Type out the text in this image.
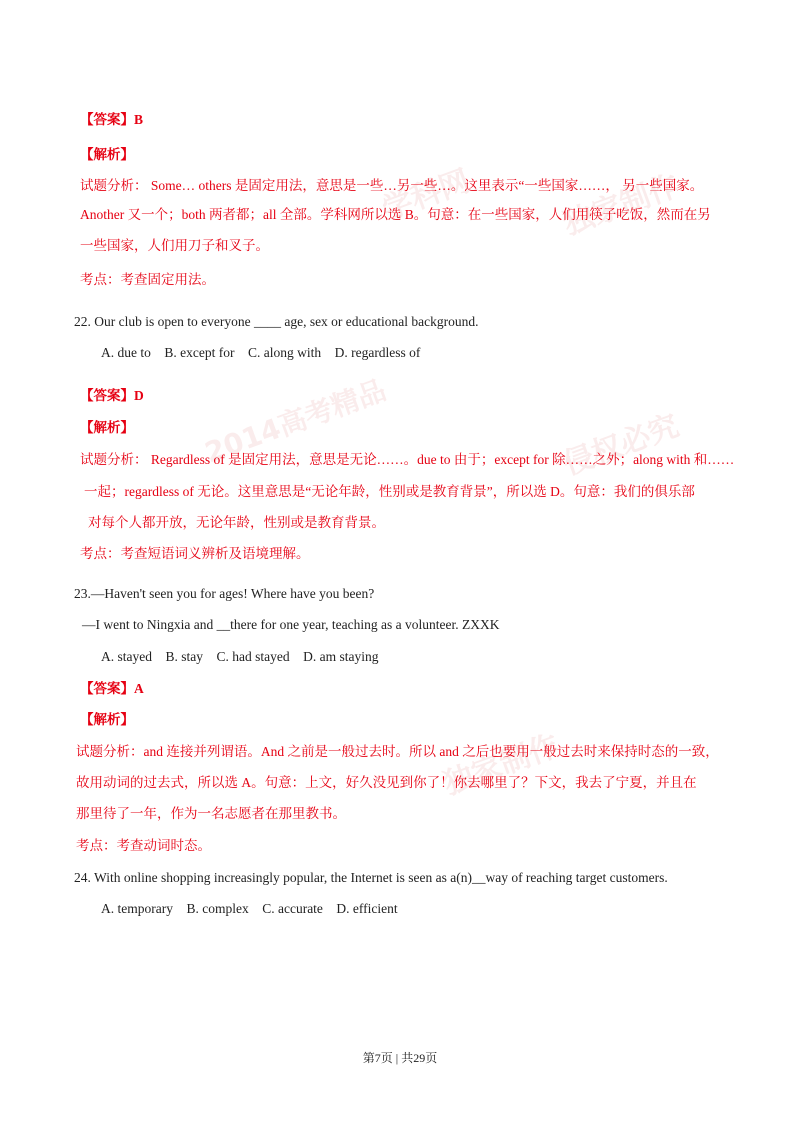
学科网	独家制作
2014高考精品	侵权必究
独家制作
【答案】B
【解析】
试题分析： Some… others 是固定用法，意思是一些…另一些…。这里表示“一些国家……， 另一些国家。
Another 又一个；both 两者都；all 全部。学科网所以选 B。句意：在一些国家，人们用筷子吃饭，然而在另
一些国家，人们用刀子和叉子。
考点：考查固定用法。
22. Our club is open to everyone ____ age, sex or educational background.
A. due to    B. except for    C. along with    D. regardless of
【答案】D
【解析】
试题分析： Regardless of 是固定用法，意思是无论……。due to 由于；except for 除……之外；along with 和……
一起；regardless of 无论。这里意思是“无论年龄，性别或是教育背景”，所以选 D。句意：我们的俱乐部
对每个人都开放，无论年龄，性别或是教育背景。
考点：考查短语词义辨析及语境理解。
23.—Haven't seen you for ages! Where have you been?
—I went to Ningxia and __there for one year, teaching as a volunteer. ZXXK
A. stayed    B. stay    C. had stayed    D. am staying
【答案】A
【解析】
试题分析：and 连接并列谓语。And 之前是一般过去时。所以 and 之后也要用一般过去时来保持时态的一致，
故用动词的过去式，所以选 A。句意：上文，好久没见到你了！你去哪里了？下文，我去了宁夏，并且在
那里待了一年，作为一名志愿者在那里教书。
考点：考查动词时态。
24. With online shopping increasingly popular, the Internet is seen as a(n)__way of reaching target customers.
A. temporary    B. complex    C. accurate    D. efficient
第7页 | 共29页
